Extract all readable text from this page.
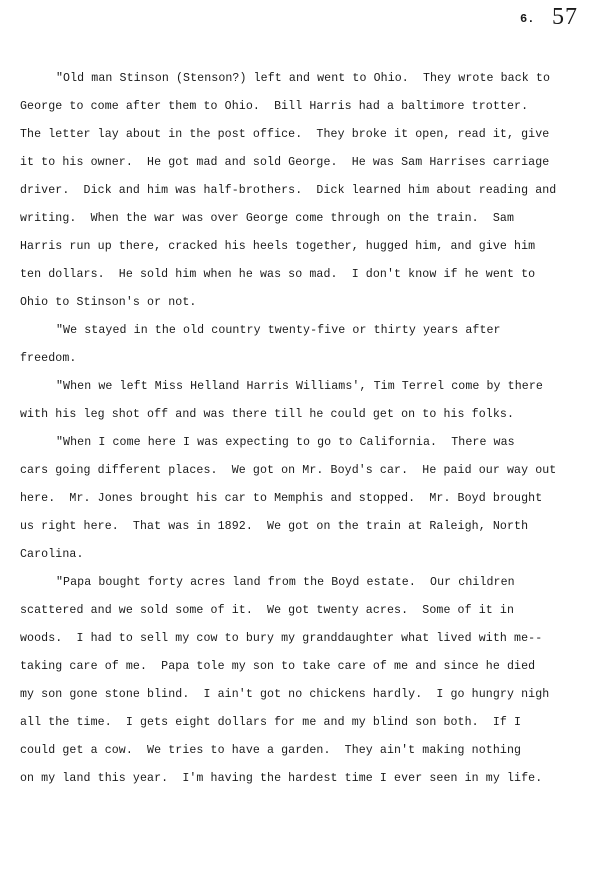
6. 57
"Old man Stinson (Stenson?) left and went to Ohio.  They wrote back to
George to come after them to Ohio.  Bill Harris had a baltimore trotter.
The letter lay about in the post office.  They broke it open, read it, give
it to his owner.  He got mad and sold George.  He was Sam Harrises carriage
driver.  Dick and him was half-brothers.  Dick learned him about reading and
writing.  When the war was over George come through on the train.  Sam
Harris run up there, cracked his heels together, hugged him, and give him
ten dollars.  He sold him when he was so mad.  I don't know if he went to
Ohio to Stinson's or not.
"We stayed in the old country twenty-five or thirty years after
freedom.
"When we left Miss Helland Harris Williams', Tim Terrel come by there
with his leg shot off and was there till he could get on to his folks.
"When I come here I was expecting to go to California.  There was
cars going different places.  We got on Mr. Boyd's car.  He paid our way out
here.  Mr. Jones brought his car to Memphis and stopped.  Mr. Boyd brought
us right here.  That was in 1892.  We got on the train at Raleigh, North
Carolina.
"Papa bought forty acres land from the Boyd estate.  Our children
scattered and we sold some of it.  We got twenty acres.  Some of it in
woods.  I had to sell my cow to bury my granddaughter what lived with me--
taking care of me.  Papa tole my son to take care of me and since he died
my son gone stone blind.  I ain't got no chickens hardly.  I go hungry nigh
all the time.  I gets eight dollars for me and my blind son both.  If I
could get a cow.  We tries to have a garden.  They ain't making nothing
on my land this year.  I'm having the hardest time I ever seen in my life.
